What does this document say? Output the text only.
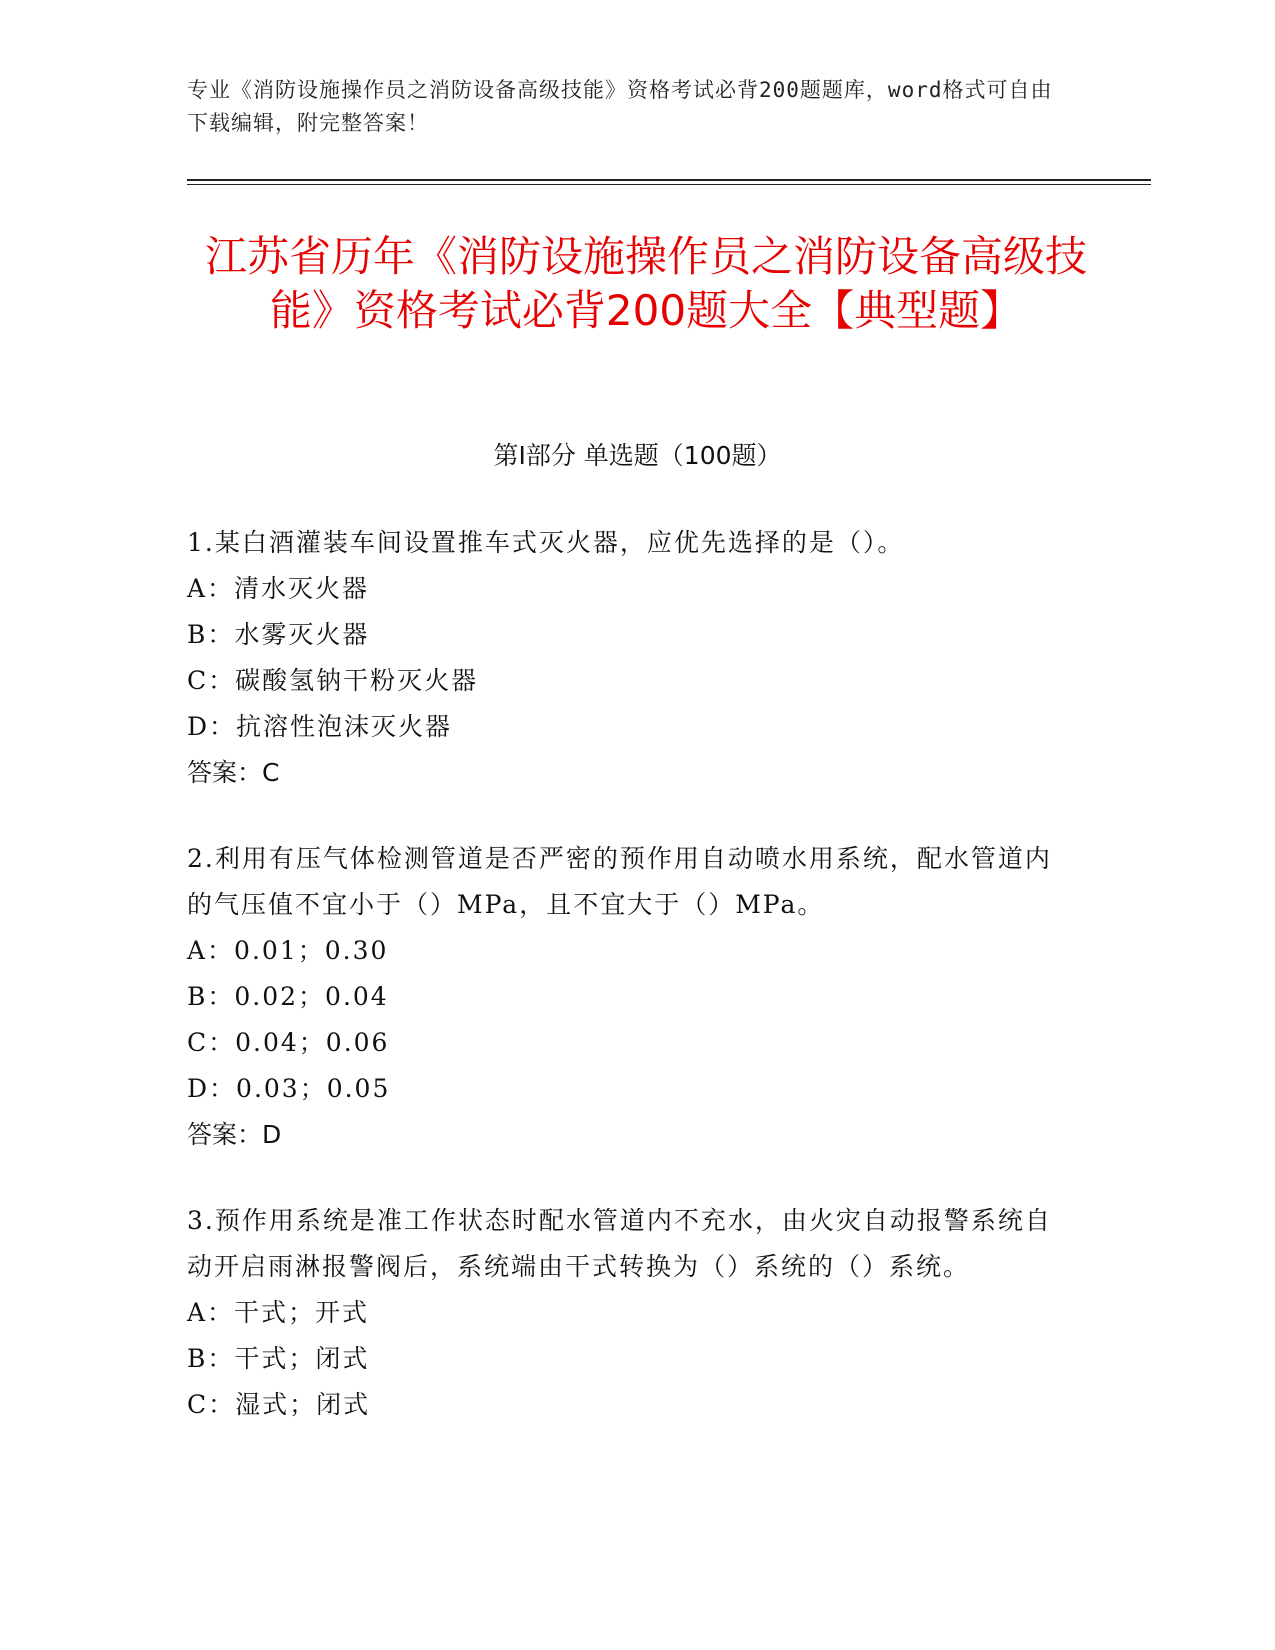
专业《消防设施操作员之消防设备高级技能》资格考试必背200题题库，word格式可自由下载编辑，附完整答案！
江苏省历年《消防设施操作员之消防设备高级技能》资格考试必背200题大全【典型题】
第I部分 单选题（100题）
1.某白酒灌装车间设置推车式灭火器，应优先选择的是（）。
A：清水灭火器
B：水雾灭火器
C：碳酸氢钠干粉灭火器
D：抗溶性泡沫灭火器
答案：C
2.利用有压气体检测管道是否严密的预作用自动喷水用系统，配水管道内的气压值不宜小于（）MPa，且不宜大于（）MPa。
A：0.01；0.30
B：0.02；0.04
C：0.04；0.06
D：0.03；0.05
答案：D
3.预作用系统是准工作状态时配水管道内不充水，由火灾自动报警系统自动开启雨淋报警阀后，系统端由干式转换为（）系统的（）系统。
A：干式；开式
B：干式；闭式
C：湿式；闭式
